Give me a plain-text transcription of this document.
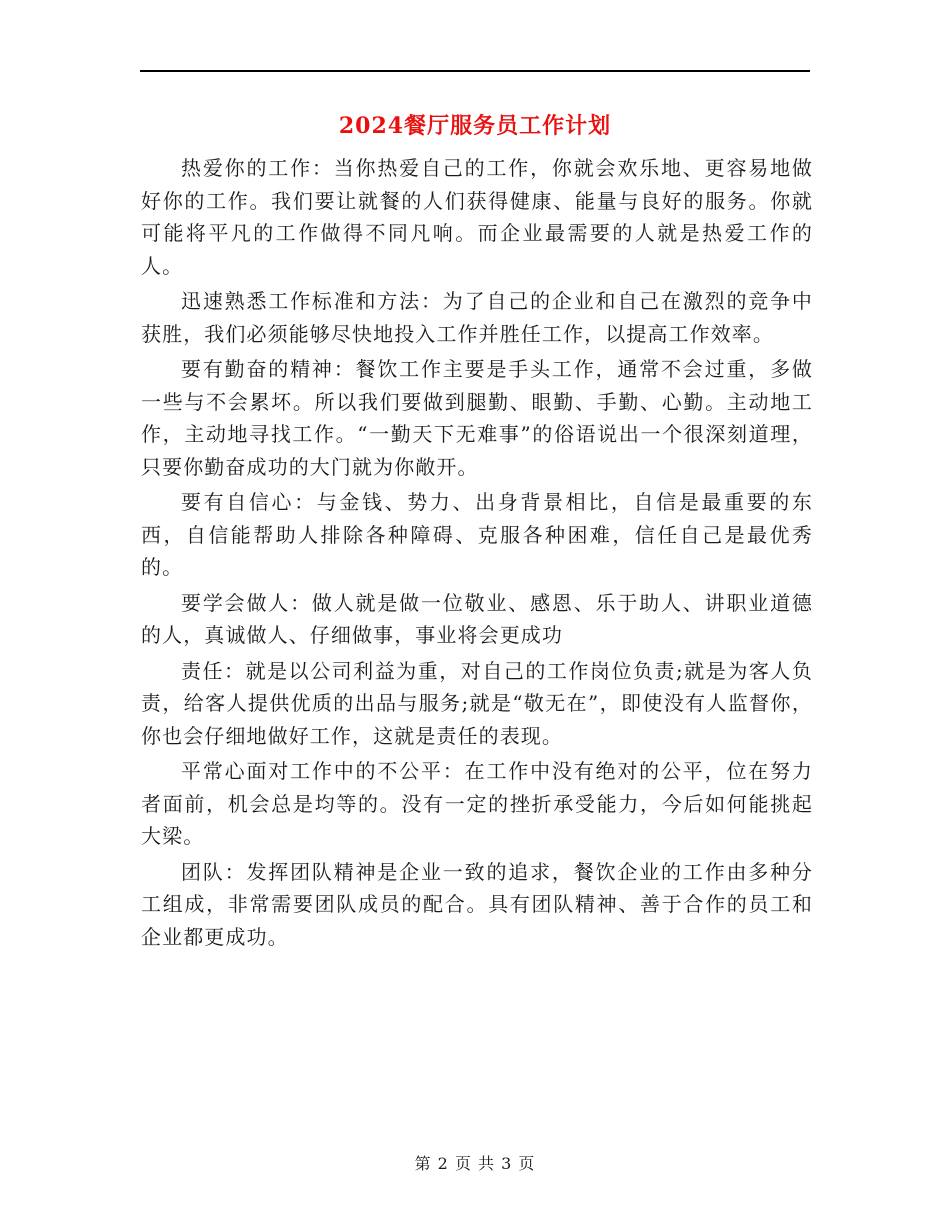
2024餐厅服务员工作计划

热爱你的工作：当你热爱自己的工作，你就会欢乐地、更容易地做好你的工作。我们要让就餐的人们获得健康、能量与良好的服务。你就可能将平凡的工作做得不同凡响。而企业最需要的人就是热爱工作的人。

迅速熟悉工作标准和方法：为了自己的企业和自己在激烈的竞争中获胜，我们必须能够尽快地投入工作并胜任工作，以提高工作效率。

要有勤奋的精神：餐饮工作主要是手头工作，通常不会过重，多做一些与不会累坏。所以我们要做到腿勤、眼勤、手勤、心勤。主动地工作，主动地寻找工作。“一勤天下无难事”的俗语说出一个很深刻道理，只要你勤奋成功的大门就为你敞开。

要有自信心：与金钱、势力、出身背景相比，自信是最重要的东西，自信能帮助人排除各种障碍、克服各种困难，信任自己是最优秀的。

要学会做人：做人就是做一位敬业、感恩、乐于助人、讲职业道德的人，真诚做人、仔细做事，事业将会更成功

责任：就是以公司利益为重，对自己的工作岗位负责;就是为客人负责，给客人提供优质的出品与服务;就是“敬无在”，即使没有人监督你，你也会仔细地做好工作，这就是责任的表现。

平常心面对工作中的不公平：在工作中没有绝对的公平，位在努力者面前，机会总是均等的。没有一定的挫折承受能力，今后如何能挑起大梁。

团队：发挥团队精神是企业一致的追求，餐饮企业的工作由多种分工组成，非常需要团队成员的配合。具有团队精神、善于合作的员工和企业都更成功。

第 2 页 共 3 页
